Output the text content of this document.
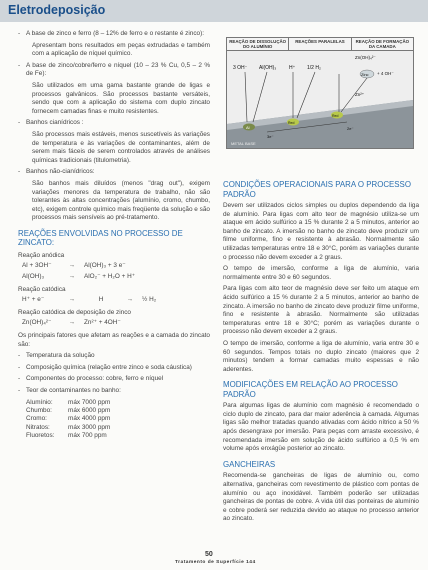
Eletrodeposição

- A base de zinco e ferro (8 – 12% de ferro e o restante é zinco):

Apresentam bons resultados em peças extrudadas e também com a aplicação de níquel químico.

- A base de zinco/cobre/ferro e níquel (10 – 23 % Cu, 0,5 – 2 % de Fe):

São utilizados em uma gama bastante grande de ligas e processos galvânicos. São processos bastante versáteis, sendo que com a aplicação do sistema com duplo zincato fornecem camadas finas e muito resistentes.

- Banhos cianídricos :

São processos mais estáveis, menos suscetíveis às variações de temperatura e às variações de contaminantes, além de serem mais fáceis de serem controlados através de análises químicas tradicionais (titulometria).

- Banhos não-cianídricos:

São banhos mais diluídos (menos "drag out"), exigem variações menores da temperatura de trabalho, não são tolerantes às altas concentrações (alumínio, cromo, chumbo, etc), exigem controle químico mais freqüente da solução e são processos mais sensíveis ao pré-tratamento.

REAÇÕES ENVOLVIDAS NO PROCESSO DE ZINCATO:
Reação anódica
Al + 3OH⁻	→	Al(OH)₃ + 3 e⁻
Al(OH)₃	→	AlO₂⁻ + H₂O + H⁺
Reação catódica
H⁺ + e⁻	→	H	→	½ H₂
Reação catódica de deposição de zinco
Zn(OH)₄²⁻	→	Zn²⁺ + 4OH⁻

Os principais fatores que afetam as reações e a camada do zincato são:

- Temperatura da solução

- Composição química (relação entre zinco e soda cáustica)

- Componentes do processo: cobre, ferro e níquel

- Teor de contaminantes no banho:

Alumínio:	máx 7000 ppm
Chumbo:	máx 6000 ppm
Cromo:	máx 4000 ppm
Nitratos:	máx 3000 ppm
Fluoretos:	máx 700 ppm
REAÇÃO DE DISSOLUÇÃO DO ALUMÍNIO
REAÇÕES PARALELAS	REAÇÃO DE FORMAÇÃO DA CAMADA
3 OH⁻ Al(OH)₃	H⁺ 1/2 H₂
Zn(OH)₄²⁻
Zinc + 4 OH⁻
Zn²⁺
Al
Red
Red
3e⁻
2e⁻
METAL BASE
CONDIÇÕES OPERACIONAIS PARA O PROCESSO PADRÃO

Devem ser utilizados ciclos simples ou duplos dependendo da liga de alumínio. Para ligas com alto teor de magnésio utiliza-se um ataque em ácido sulfúrico a 15 % durante 2 a 5 minutos, anterior ao banho de zincato. A imersão no banho de zincato deve produzir um filme uniforme, fino e resistente à abrasão. Normalmente são utilizadas temperaturas entre 18 e 30°C, porém as variações durante o processo não devem exceder a 2 graus.

O tempo de imersão, conforme a liga de alumínio, varia normalmente entre 30 e 60 segundos.

Para ligas com alto teor de magnésio deve ser feito um ataque em ácido sulfúrico a 15 % durante 2 a 5 minutos, anterior ao banho de zincato. A imersão no banho de zincato deve produzir filme uniforme, fino e resistente à abrasão. Normalmente são utilizadas temperaturas entre 18 e 30°C; porém as variações durante o processo não devem exceder a 2 graus.

O tempo de imersão, conforme a liga de alumínio, varia entre 30 e 60 segundos. Tempos totais no duplo zincato (maiores que 2 minutos) tendem a formar camadas muito espessas e não aderentes.

MODIFICAÇÕES EM RELAÇÃO AO PROCESSO PADRÃO

Para algumas ligas de alumínio com magnésio é recomendado o ciclo duplo de zincato, para dar maior aderência à camada. Algumas ligas são melhor tratadas quando ativadas com ácido nítrico a 50 % após desengraxe por imersão. Para peças com arraste excessivo, é recomendada imersão em solução de ácido sulfúrico a 0,5 % em volume após enxágüe posterior ao zincato.

GANCHEIRAS

Recomenda-se gancheiras de ligas de alumínio ou, como alternativa, gancheiras com revestimento de plástico com pontas de alumínio ou aço inoxidável. Também poderão ser utilizadas gancheiras de pontas de cobre. A vida útil das ponteiras de alumínio e cobre poderá ser reduzida devido ao ataque no processo anterior ao zincato.

50
Tratamento de Superfície 144
